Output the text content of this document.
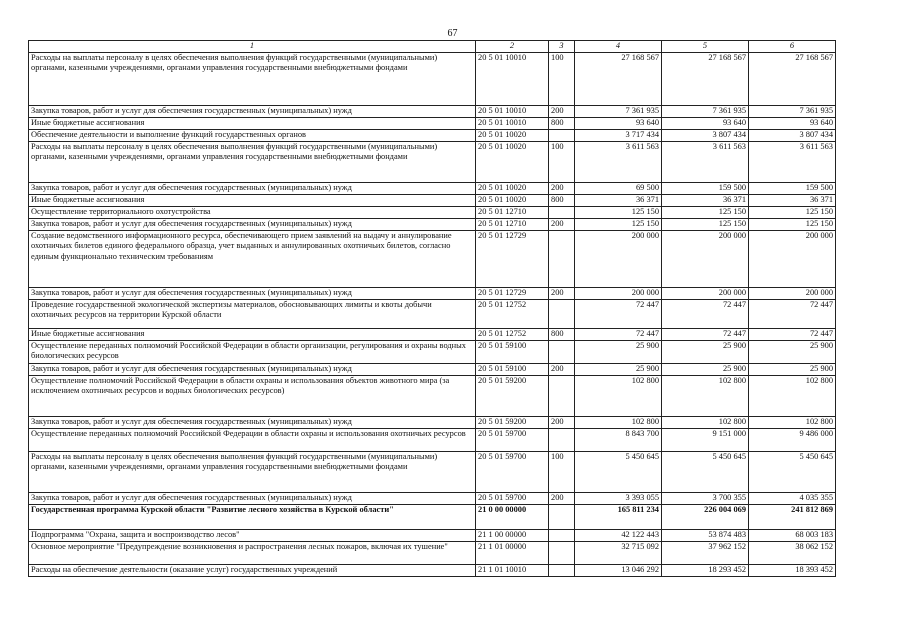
67
1	2	3	4	5	6
Расходы на выплаты персоналу в целях обеспечения выполнения функций государственными (муниципальными) органами, казенными учреждениями, органами управления государственными внебюджетными фондами	20 5 01 10010	100	27 168 567	27 168 567	27 168 567
Закупка товаров, работ и услуг для обеспечения государственных (муниципальных) нужд	20 5 01 10010	200	7 361 935	7 361 935	7 361 935
Иные бюджетные ассигнования	20 5 01 10010	800	93 640	93 640	93 640
Обеспечение деятельности и выполнение функций государственных органов	20 5 01 10020		3 717 434	3 807 434	3 807 434
Расходы на выплаты персоналу в целях обеспечения выполнения функций государственными (муниципальными) органами, казенными учреждениями, органами управления государственными внебюджетными фондами	20 5 01 10020	100	3 611 563	3 611 563	3 611 563
Закупка товаров, работ и услуг для обеспечения государственных (муниципальных) нужд	20 5 01 10020	200	69 500	159 500	159 500
Иные бюджетные ассигнования	20 5 01 10020	800	36 371	36 371	36 371
Осуществление территориального охотустройства	20 5 01 12710		125 150	125 150	125 150
Закупка товаров, работ и услуг для обеспечения государственных (муниципальных) нужд	20 5 01 12710	200	125 150	125 150	125 150
Создание ведомственного информационного ресурса, обеспечивающего прием заявлений на выдачу и аннулирование охотничьих билетов единого федерального образца, учет выданных и аннулированных охотничьих билетов, согласно единым функционально техническим требованиям	20 5 01 12729		200 000	200 000	200 000
Закупка товаров, работ и услуг для обеспечения государственных (муниципальных) нужд	20 5 01 12729	200	200 000	200 000	200 000
Проведение государственной экологической экспертизы материалов, обосновывающих лимиты и квоты добычи охотничьих ресурсов на территории Курской области	20 5 01 12752		72 447	72 447	72 447
Иные бюджетные ассигнования	20 5 01 12752	800	72 447	72 447	72 447
Осуществление переданных полномочий Российской Федерации в области организации, регулирования и охраны водных биологических ресурсов	20 5 01 59100		25 900	25 900	25 900
Закупка товаров, работ и услуг для обеспечения государственных (муниципальных) нужд	20 5 01 59100	200	25 900	25 900	25 900
Осуществление полномочий Российской Федерации в области охраны и использования объектов животного мира (за исключением охотничьих ресурсов и водных биологических ресурсов)	20 5 01 59200		102 800	102 800	102 800
Закупка товаров, работ и услуг для обеспечения государственных (муниципальных) нужд	20 5 01 59200	200	102 800	102 800	102 800
Осуществление переданных полномочий Российской Федерации в области охраны и использования охотничьих ресурсов	20 5 01 59700		8 843 700	9 151 000	9 486 000
Расходы на выплаты персоналу в целях обеспечения выполнения функций государственными (муниципальными) органами, казенными учреждениями, органами управления государственными внебюджетными фондами	20 5 01 59700	100	5 450 645	5 450 645	5 450 645
Закупка товаров, работ и услуг для обеспечения государственных (муниципальных) нужд	20 5 01 59700	200	3 393 055	3 700 355	4 035 355
Государственная программа Курской области "Развитие лесного хозяйства в Курской области"	21 0 00 00000		165 811 234	226 004 069	241 812 869
Подпрограмма "Охрана, защита и воспроизводство лесов"	21 1 00 00000		42 122 443	53 874 483	68 003 183
Основное мероприятие "Предупреждение возникновения и распространения лесных пожаров, включая их тушение"	21 1 01 00000		32 715 092	37 962 152	38 062 152
Расходы на обеспечение деятельности (оказание услуг) государственных учреждений	21 1 01 10010		13 046 292	18 293 452	18 393 452
